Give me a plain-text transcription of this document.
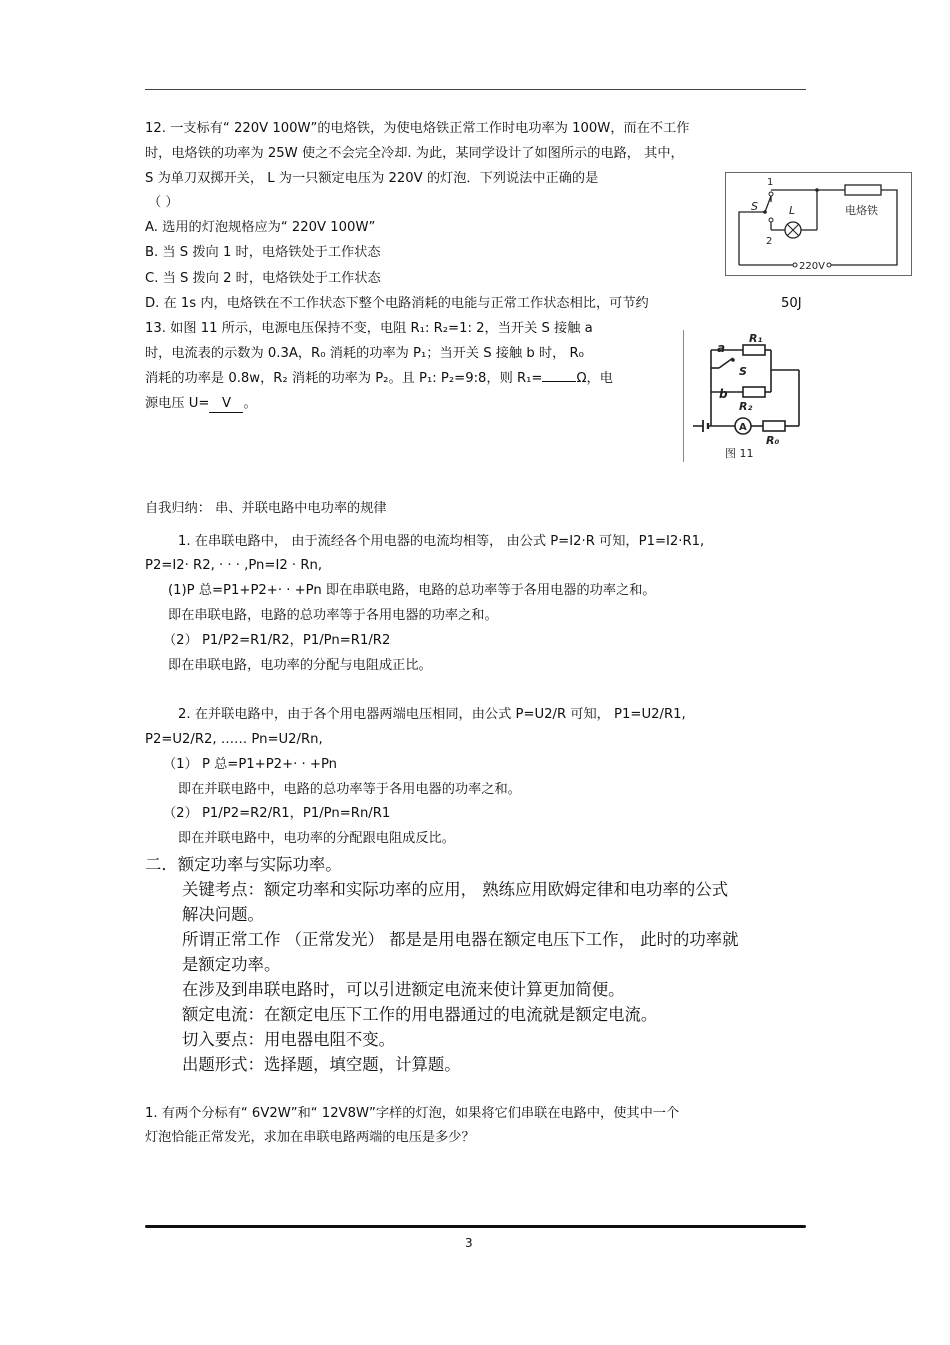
12. 一支标有“ 220V 100W”的电烙铁，为使电烙铁正常工作时电功率为 100W，而在不工作
时，电烙铁的功率为 25W 使之不会完全冷却. 为此，某同学设计了如图所示的电路， 其中，
S 为单刀双掷开关， L 为一只额定电压为 220V 的灯泡．下列说法中正确的是
（ ）
A. 选用的灯泡规格应为“ 220V 100W”
B. 当 S 拨向 1 时，电烙铁处于工作状态
C. 当 S 拨向 2 时，电烙铁处于工作状态
D. 在 1s 内，电烙铁在不工作状态下整个电路消耗的电能与正常工作状态相比，可节约	50J
1
2
S	L	电烙铁
220V
13. 如图 11 所示，电源电压保持不变，电阻 R₁: R₂=1: 2，当开关 S 接触 a
时，电流表的示数为 0.3A，R₀ 消耗的功率为 P₁；当开关 S 接触 b 时， R₀
消耗的功率是 0.8w，R₂ 消耗的功率为 P₂。且 P₁: P₂=9:8，则 R₁=	Ω，电
源电压 U= V 。
a
b
R₁
R₂
S
A
R₀
图 11
自我归纳： 串、并联电路中电功率的规律
1. 在串联电路中， 由于流经各个用电器的电流均相等， 由公式 P=I2·R 可知，P1=I2·R1,
P2=I2· R2, · · · ,Pn=I2 · Rn,
(1)P 总=P1+P2+· · +Pn 即在串联电路，电路的总功率等于各用电器的功率之和。
即在串联电路，电路的总功率等于各用电器的功率之和。
（2） P1/P2=R1/R2，P1/Pn=R1/R2
即在串联电路，电功率的分配与电阻成正比。
2. 在并联电路中，由于各个用电器两端电压相同，由公式 P=U2/R 可知， P1=U2/R1,
P2=U2/R2, …… Pn=U2/Rn,
（1） P 总=P1+P2+· · +Pn
即在并联电路中，电路的总功率等于各用电器的功率之和。
（2） P1/P2=R2/R1，P1/Pn=Rn/R1
即在并联电路中，电功率的分配跟电阻成反比。
二．额定功率与实际功率。
关键考点：额定功率和实际功率的应用， 熟练应用欧姆定律和电功率的公式
解决问题。
所谓正常工作 （正常发光） 都是是用电器在额定电压下工作， 此时的功率就
是额定功率。
在涉及到串联电路时，可以引进额定电流来使计算更加简便。
额定电流：在额定电压下工作的用电器通过的电流就是额定电流。
切入要点：用电器电阻不变。
出题形式：选择题，填空题，计算题。
1. 有两个分标有“ 6V2W”和“ 12V8W”字样的灯泡，如果将它们串联在电路中，使其中一个
灯泡恰能正常发光，求加在串联电路两端的电压是多少？
3
